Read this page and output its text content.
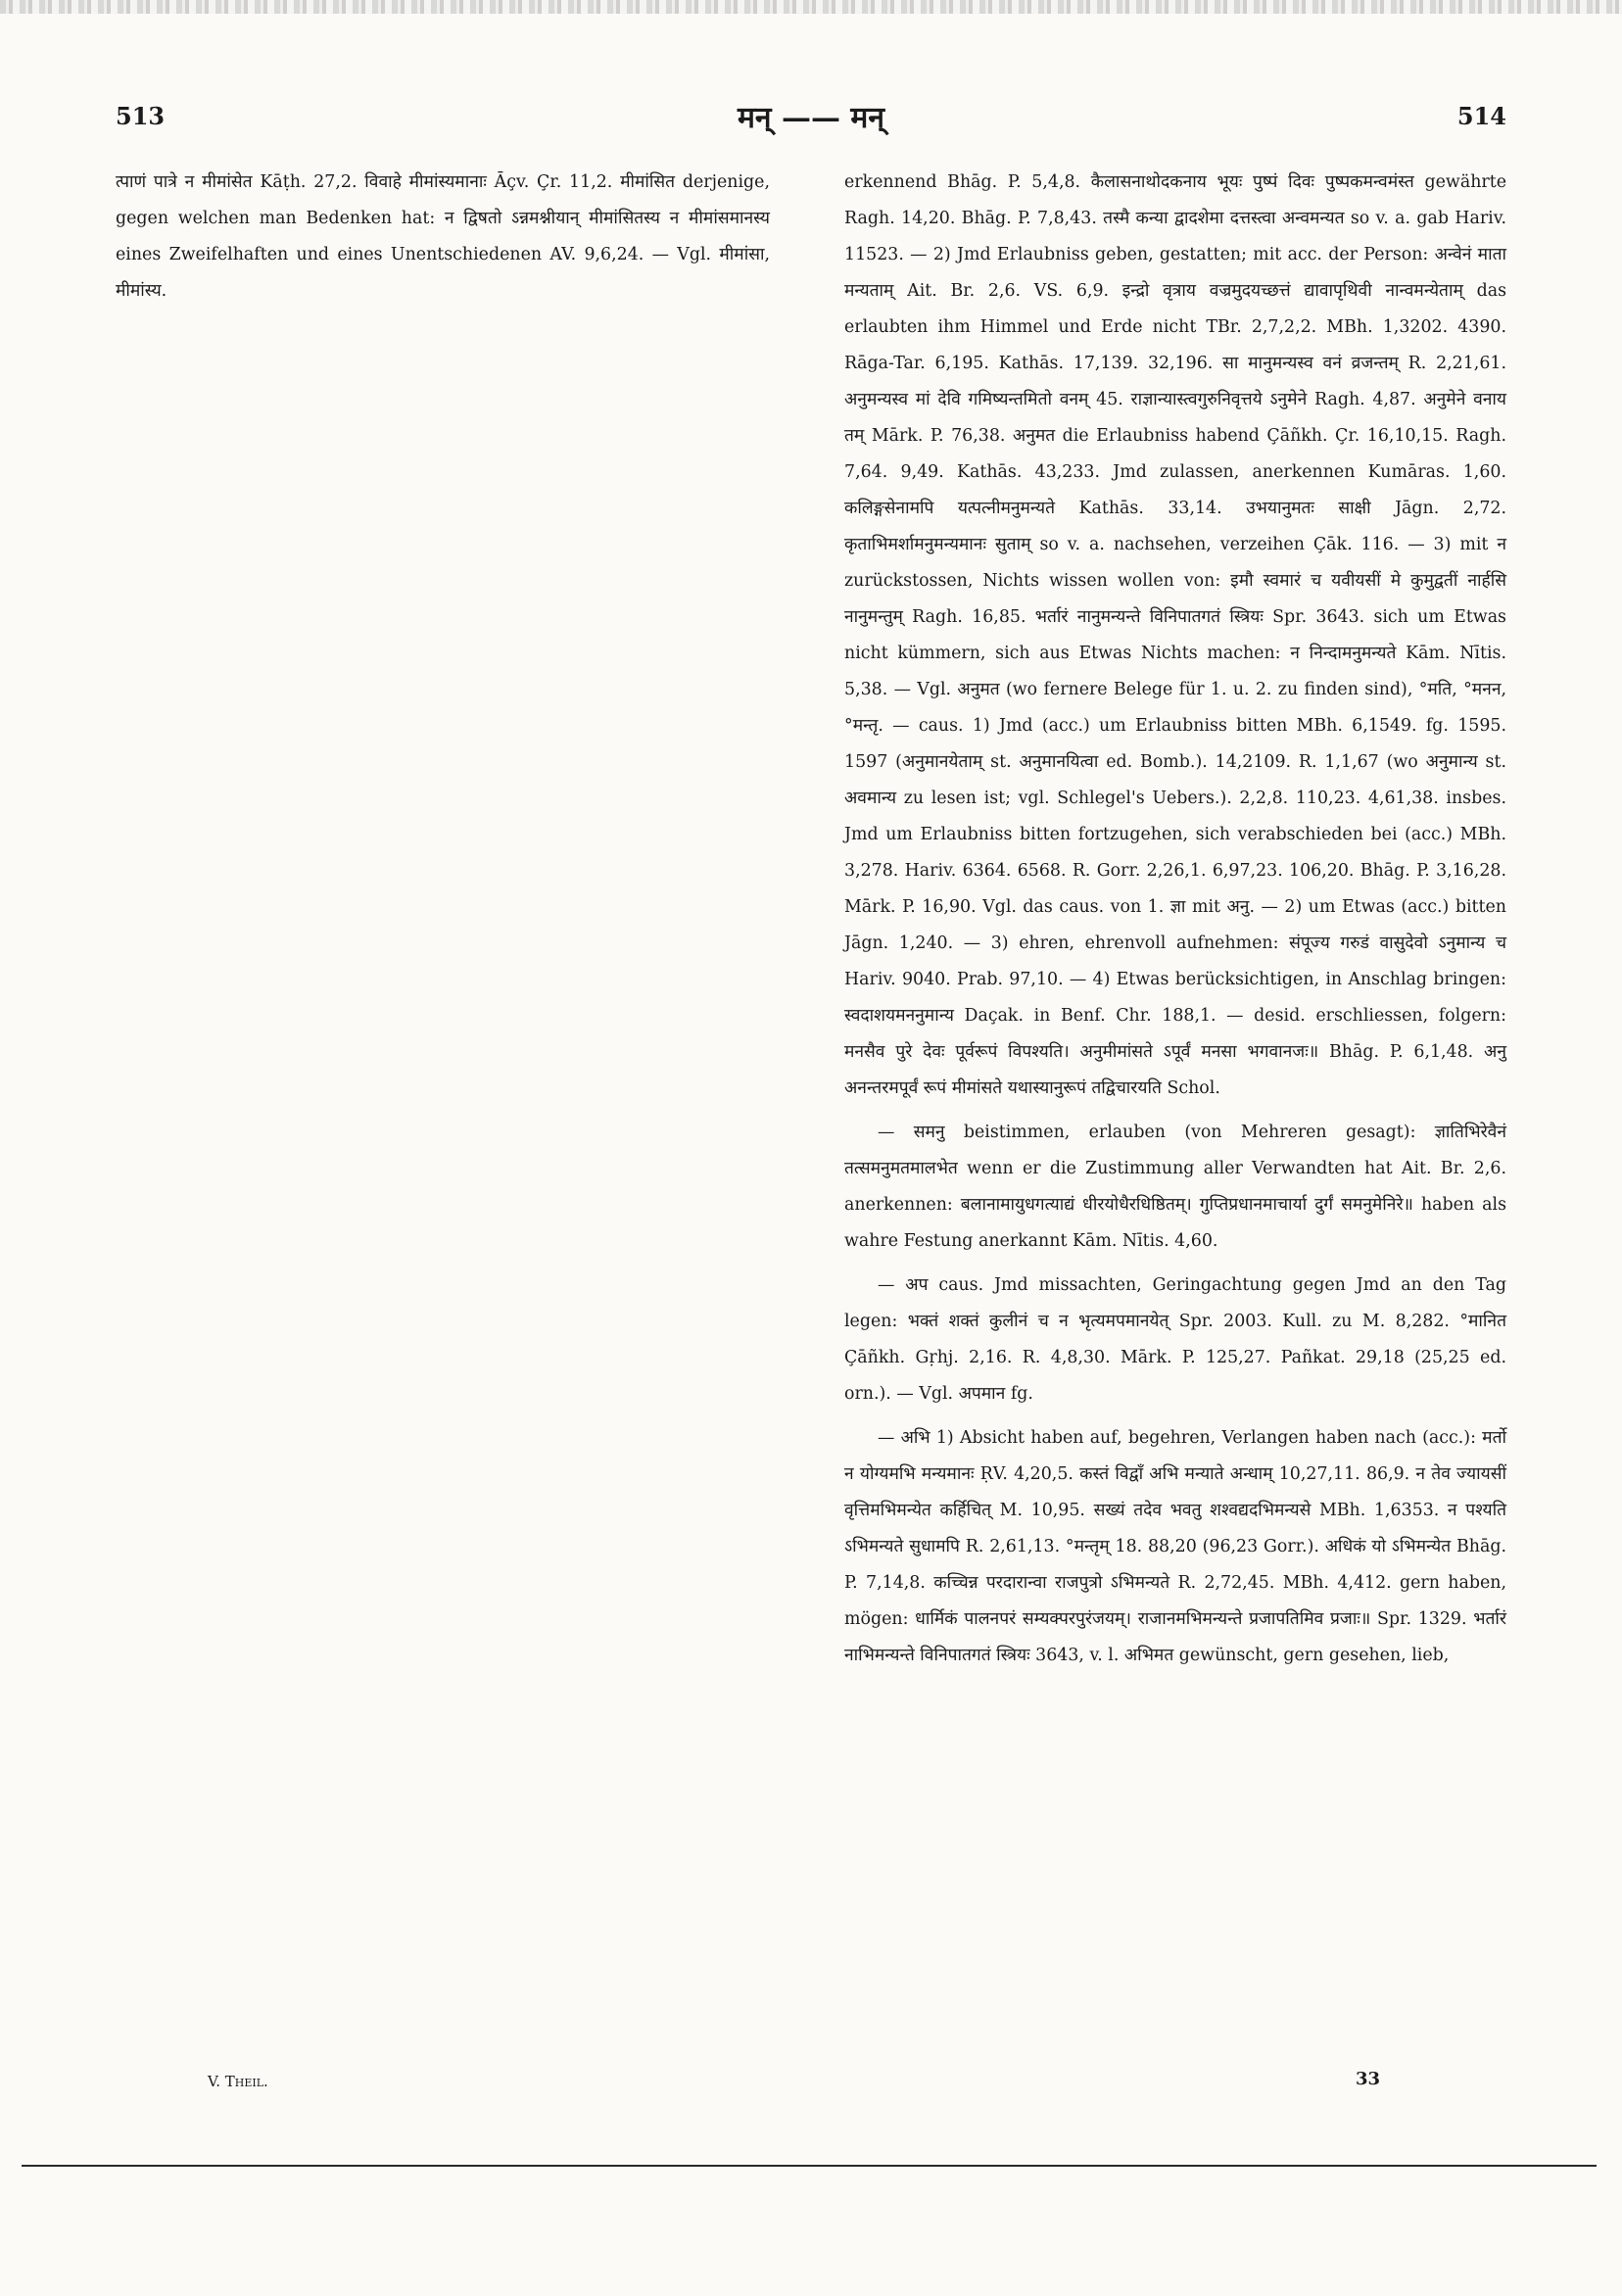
513	मन् —— मन्	514

त्पाणं पात्रे न मीमांसेत Kāṭh. 27,2. विवाहे मीमांस्यमानाः Āçv. Çr. 11,2. मीमांसित derjenige, gegen welchen man Bedenken hat: न द्विषतो ऽन्नमश्नीयान् मीमांसितस्य न मीमांसमानस्य eines Zweifelhaften und eines Unentschiedenen AV. 9,6,24. — Vgl. मीमांसा, मीमांस्य.

erkennend Bhāg. P. 5,4,8. कैलासनाथोदकनाय भूयः पुष्पं दिवः पुष्पकमन्वमंस्त gewährte Ragh. 14,20. Bhāg. P. 7,8,43. तस्मै कन्या द्वादशेमा दत्तस्त्वा अन्वमन्यत so v. a. gab Hariv. 11523. — 2) Jmd Erlaubniss geben, gestatten; mit acc. der Person: अन्वेनं माता मन्यताम् Ait. Br. 2,6. VS. 6,9. इन्द्रो वृत्राय वज्रमुदयच्छत्तं द्यावापृथिवी नान्वमन्येताम् das erlaubten ihm Himmel und Erde nicht TBr. 2,7,2,2. MBh. 1,3202. 4390. Rāga-Tar. 6,195. Kathās. 17,139. 32,196. सा मानुमन्यस्व वनं व्रजन्तम् R. 2,21,61. अनुमन्यस्व मां देवि गमिष्यन्तमितो वनम् 45. राज्ञान्यास्त्वगुरुनिवृत्तये ऽनुमेने Ragh. 4,87. अनुमेने वनाय तम् Mārk. P. 76,38. अनुमत die Erlaubniss habend Çāñkh. Çr. 16,10,15. Ragh. 7,64. 9,49. Kathās. 43,233. Jmd zulassen, anerkennen Kumāras. 1,60. कलिङ्गसेनामपि यत्पत्नीमनुमन्यते Kathās. 33,14. उभयानुमतः साक्षी Jāgn. 2,72. कृताभिमर्शामनुमन्यमानः सुताम् so v. a. nachsehen, verzeihen Çāk. 116. — 3) mit न zurückstossen, Nichts wissen wollen von: इमौ स्वमारं च यवीयसीं मे कुमुद्वतीं नार्हसि नानुमन्तुम् Ragh. 16,85. भर्तारं नानुमन्यन्ते विनिपातगतं स्त्रियः Spr. 3643. sich um Etwas nicht kümmern, sich aus Etwas Nichts machen: न निन्दामनुमन्यते Kām. Nītis. 5,38. — Vgl. अनुमत (wo fernere Belege für 1. u. 2. zu finden sind), °मति, °मनन, °मन्तृ. — caus. 1) Jmd (acc.) um Erlaubniss bitten MBh. 6,1549. fg. 1595. 1597 (अनुमानयेताम् st. अनुमानयित्वा ed. Bomb.). 14,2109. R. 1,1,67 (wo अनुमान्य st. अवमान्य zu lesen ist; vgl. Schlegel's Uebers.). 2,2,8. 110,23. 4,61,38. insbes. Jmd um Erlaubniss bitten fortzugehen, sich verabschieden bei (acc.) MBh. 3,278. Hariv. 6364. 6568. R. Gorr. 2,26,1. 6,97,23. 106,20. Bhāg. P. 3,16,28. Mārk. P. 16,90. Vgl. das caus. von 1. ज्ञा mit अनु. — 2) um Etwas (acc.) bitten Jāgn. 1,240. — 3) ehren, ehrenvoll aufnehmen: संपूज्य गरुडं वासुदेवो ऽनुमान्य च Hariv. 9040. Prab. 97,10. — 4) Etwas berücksichtigen, in Anschlag bringen: स्वदाशयमननुमान्य Daçak. in Benf. Chr. 188,1. — desid. erschliessen, folgern: मनसैव पुरे देवः पूर्वरूपं विपश्यति। अनुमीमांसते ऽपूर्वं मनसा भगवानजः॥ Bhāg. P. 6,1,48. अनु अनन्तरमपूर्वं रूपं मीमांसते यथास्यानुरूपं तद्विचारयति Schol.

— समनु beistimmen, erlauben (von Mehreren gesagt): ज्ञातिभिरेवैनं तत्समनुमतमालभेत wenn er die Zustimmung aller Verwandten hat Ait. Br. 2,6. anerkennen: बलानामायुधगत्याद्यं धीरयोधैरधिष्ठितम्। गुप्तिप्रधानमाचार्या दुर्गं समनुमेनिरे॥ haben als wahre Festung anerkannt Kām. Nītis. 4,60.

— अप caus. Jmd missachten, Geringachtung gegen Jmd an den Tag legen: भक्तं शक्तं कुलीनं च न भृत्यमपमानयेत् Spr. 2003. Kull. zu M. 8,282. °मानित Çāñkh. Gṛhj. 2,16. R. 4,8,30. Mārk. P. 125,27. Pañkat. 29,18 (25,25 ed. orn.). — Vgl. अपमान fg.

— अभि 1) Absicht haben auf, begehren, Verlangen haben nach (acc.): मर्तो न योग्यमभि मन्यमानः ṚV. 4,20,5. कस्तं विद्वाँ अभि मन्याते अन्धाम् 10,27,11. 86,9. न तेव ज्यायसीं वृत्तिमभिमन्येत कर्हिचित् M. 10,95. सख्यं तदेव भवतु शश्वद्यदभिमन्यसे MBh. 1,6353. न पश्यति ऽभिमन्यते सुधामपि R. 2,61,13. °मन्तृम् 18. 88,20 (96,23 Gorr.). अधिकं यो ऽभिमन्येत Bhāg. P. 7,14,8. कच्चिन्न परदारान्वा राजपुत्रो ऽभिमन्यते R. 2,72,45. MBh. 4,412. gern haben, mögen: धार्मिकं पालनपरं सम्यक्परपुरंजयम्। राजानमभिमन्यन्ते प्रजापतिमिव प्रजाः॥ Spr. 1329. भर्तारं नाभिमन्यन्ते विनिपातगतं स्त्रियः 3643, v. l. अभिमत gewünscht, gern gesehen, lieb,

V. Theil.	33
